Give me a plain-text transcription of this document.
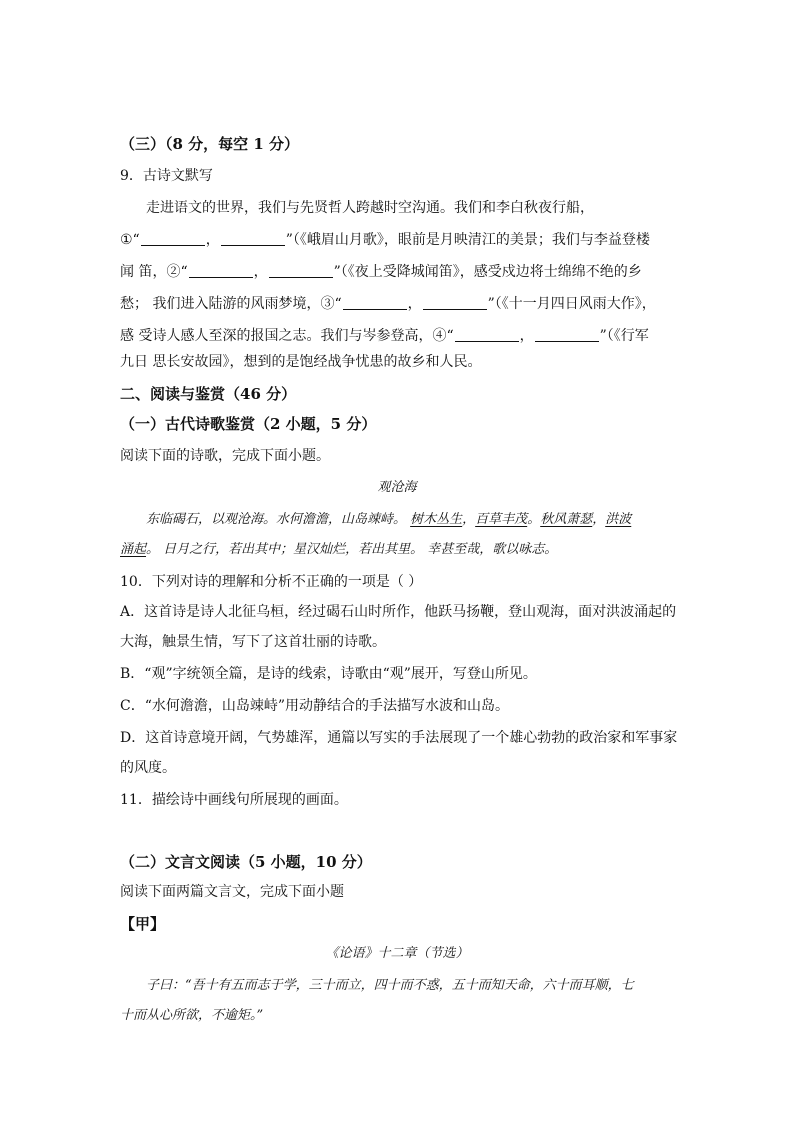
（三）（8 分，每空 1 分）
9．古诗文默写
走进语文的世界，我们与先贤哲人跨越时空沟通。我们和李白秋夜行船，
①“	，	”（《峨眉山月歌》，眼前是月映清江的美景；我们与李益登楼
闻 笛，②“	，	”（《夜上受降城闻笛》，感受戍边将士绵绵不绝的乡
愁； 我们进入陆游的风雨梦境，③“	，	”（《十一月四日风雨大作》，
感 受诗人感人至深的报国之志。我们与岑参登高，④“	，	”（《行军
九日 思长安故园》，想到的是饱经战争忧患的故乡和人民。
二、阅读与鉴赏（46 分）
（一）古代诗歌鉴赏（2 小题，5 分）
阅读下面的诗歌，完成下面小题。
观沧海
东临碣石，以观沧海。水何澹澹，山岛竦峙。 树木丛生，百草丰茂。秋风萧瑟，洪波
涌起。 日月之行，若出其中；星汉灿烂，若出其里。 幸甚至哉，歌以咏志。
10．下列对诗的理解和分析不正确的一项是（ ）
A．这首诗是诗人北征乌桓，经过碣石山时所作，他跃马扬鞭，登山观海，面对洪波涌起的
大海，触景生情，写下了这首壮丽的诗歌。
B．“观”字统领全篇，是诗的线索，诗歌由“观”展开，写登山所见。
C．“水何澹澹，山岛竦峙”用动静结合的手法描写水波和山岛。
D．这首诗意境开阔，气势雄浑，通篇以写实的手法展现了一个雄心勃勃的政治家和军事家
的风度。
11．描绘诗中画线句所展现的画面。
（二）文言文阅读（5 小题，10 分）
阅读下面两篇文言文，完成下面小题
【甲】
《论语》十二章（节选）
子曰：“吾十有五而志于学，三十而立，四十而不惑，五十而知天命，六十而耳顺，七
十而从心所欲，不逾矩。”
